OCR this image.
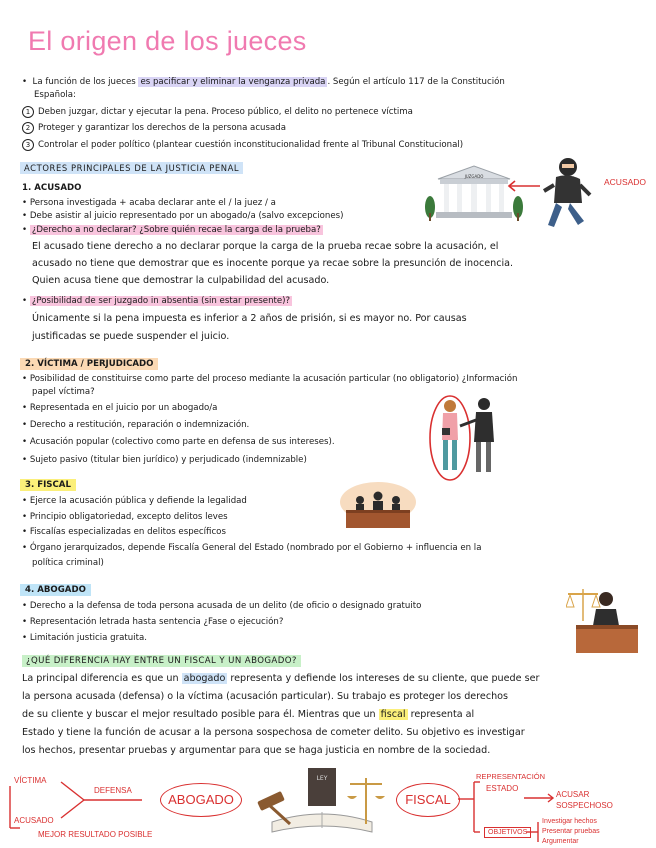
El origen de los jueces
•  La función de los jueces es pacificar y eliminar la venganza privada . Según el artículo 117 de la Constitución
Española:
1 Deben juzgar, dictar y ejecutar la pena. Proceso público, el delito no pertenece víctima
2 Proteger y garantizar los derechos de la persona acusada
3 Controlar el poder político (plantear cuestión inconstitucionalidad frente al Tribunal Constitucional)
ACTORES PRINCIPALES DE LA JUSTICIA PENAL
1. ACUSADO
• Persona investigada + acaba declarar ante el / la juez / a
• Debe asistir al juicio representado por un abogado/a (salvo excepciones)
• ¿Derecho a no declarar? ¿Sobre quién recae la carga de la prueba?
El acusado tiene derecho a no declarar porque la carga de la prueba recae sobre la acusación, el
acusado no tiene que demostrar que es inocente porque ya recae sobre la presunción de inocencia.
Quien acusa tiene que demostrar la culpabilidad del acusado.
• ¿Posibilidad de ser juzgado in absentia (sin estar presente)?
Únicamente si la pena impuesta es inferior a 2 años de prisión, si es mayor no. Por causas
justificadas se puede suspender el juicio.
JUZGADO
ACUSADO
2. VÍCTIMA / PERJUDICADO
• Posibilidad de constituirse como parte del proceso mediante la acusación particular (no obligatorio) ¿Información
papel víctima?
• Representada en el juicio por un abogado/a
• Derecho a restitución, reparación o indemnización.
• Acusación popular (colectivo como parte en defensa de sus intereses).
• Sujeto pasivo (titular bien jurídico) y perjudicado (indemnizable)
3. FISCAL
• Ejerce la acusación pública y defiende la legalidad
• Principio obligatoriedad, excepto delitos leves
• Fiscalías especializadas en delitos específicos
• Órgano jerarquizados, depende Fiscalía General del Estado (nombrado por el Gobierno + influencia en la
política criminal)
4. ABOGADO
• Derecho a la defensa de toda persona acusada de un delito (de oficio o designado gratuito
• Representación letrada hasta sentencia ¿Fase o ejecución?
• Limitación justicia gratuita.
¿QUÉ DIFERENCIA HAY ENTRE UN FISCAL Y UN ABOGADO?
La principal diferencia es que un abogado representa y defiende los intereses de su cliente, que puede ser
la persona acusada (defensa) o la víctima (acusación particular). Su trabajo es proteger los derechos
de su cliente y buscar el mejor resultado posible para él. Mientras que un fiscal representa al
Estado y tiene la función de acusar a la persona sospechosa de cometer delito. Su objetivo es investigar
los hechos, presentar pruebas y argumentar para que se haga justicia en nombre de la sociedad.
VÍCTIMA
ACUSADO
DEFENSA
MEJOR RESULTADO POSIBLE
ABOGADO
LEY
FISCAL
REPRESENTACIÓN
ESTADO
ACUSAR
SOSPECHOSO
OBJETIVOS
Investigar hechos
Presentar pruebas
Argumentar
